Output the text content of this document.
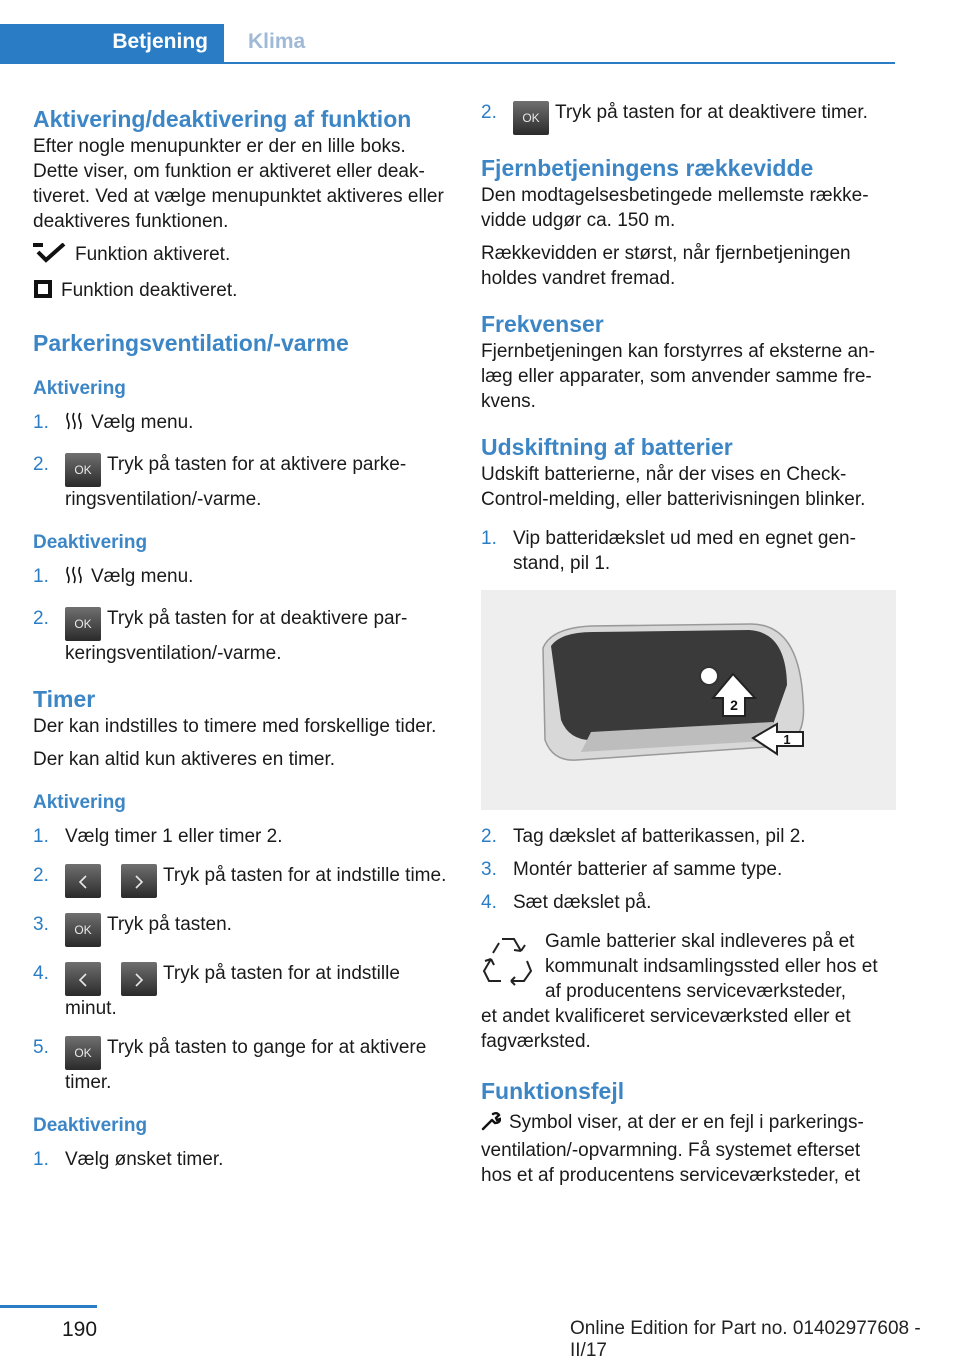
Betjening	Klima
Aktivering/deaktivering af funktion

Efter nogle menupunkter er der en lille boks. Dette viser, om funktion er aktiveret eller deaktiveret. Ved at vælge menupunktet aktiveres eller deaktiveres funktionen.

Funktion aktiveret.

Funktion deaktiveret.

Parkeringsventilation/-varme
Aktivering
1.	Vælg menu.
2.	OK Tryk på tasten for at aktivere parkeringsventilation/-varme.
Deaktivering
1.	Vælg menu.
2.	OK Tryk på tasten for at deaktivere parkeringsventilation/-varme.
Timer

Der kan indstilles to timere med forskellige tider.

Der kan altid kun aktiveres en timer.

Aktivering
1. Vælg timer 1 eller timer 2.
2.	Tryk på tasten for at indstille time.
3.	OK Tryk på tasten.
4.	Tryk på tasten for at indstille minut.
5.	OK Tryk på tasten to gange for at aktivere timer.
Deaktivering
1. Vælg ønsket timer.
2.	OK Tryk på tasten for at deaktivere timer.
Fjernbetjeningens rækkevidde

Den modtagelsesbetingede mellemste rækkevidde udgør ca. 150 m.

Rækkevidden er størst, når fjernbetjeningen holdes vandret fremad.

Frekvenser

Fjernbetjeningen kan forstyrres af eksterne anlæg eller apparater, som anvender samme frekvens.

Udskiftning af batterier

Udskift batterierne, når der vises en Check-Control-melding, eller batterivisningen blinker.

1. Vip batteridækslet ud med en egnet genstand, pil 1.
2
1
2. Tag dækslet af batterikassen, pil 2.
3. Montér batterier af samme type.
4. Sæt dækslet på.

Gamle batterier skal indleveres på et kommunalt indsamlingssted eller hos et af producentens serviceværksteder,

et andet kvalificeret serviceværksted eller et fagværksted.

Funktionsfejl

Symbol viser, at der er en fejl i parkeringsventilation/-opvarmning. Få systemet efterset hos et af producentens serviceværksteder, et

190	Online Edition for Part no. 01402977608 - II/17
